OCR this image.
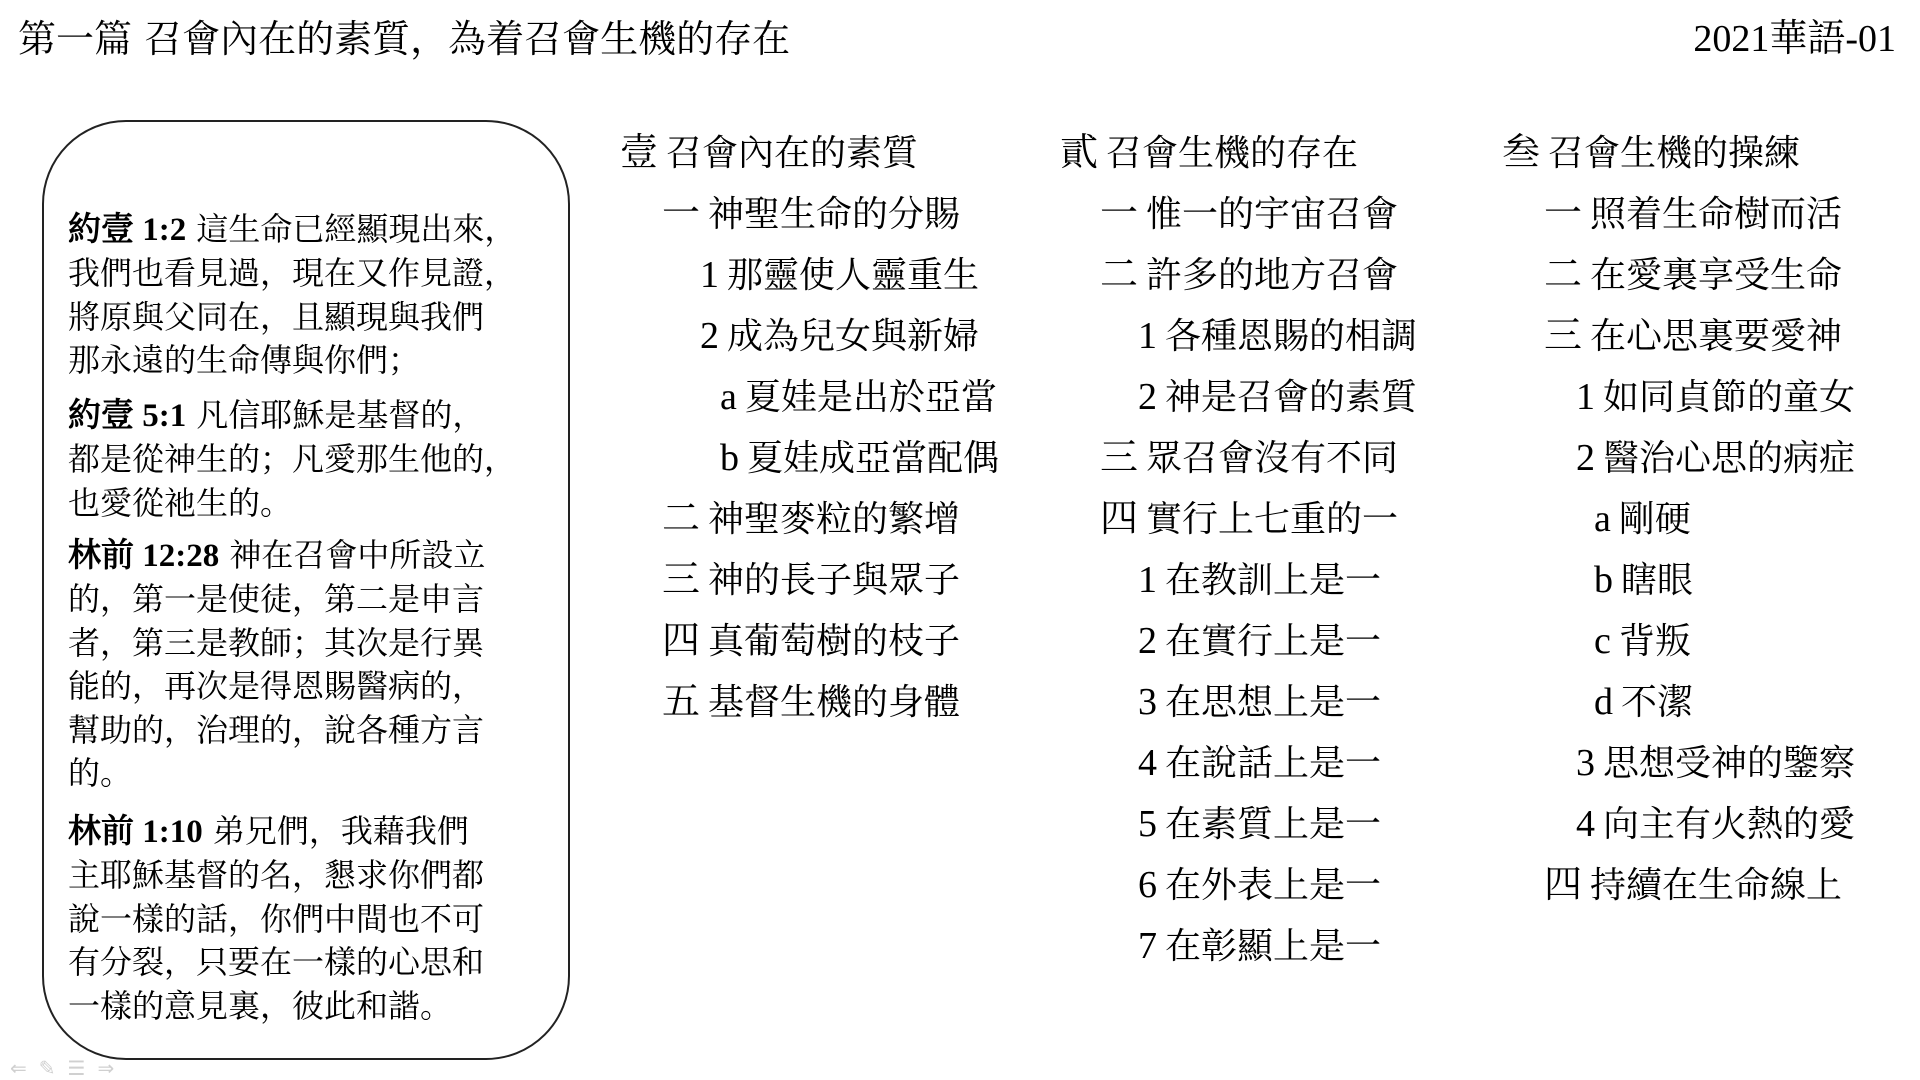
第一篇 召會內在的素質，為着召會生機的存在	2021華語-01

約壹 1:2 這生命已經顯現出來，
我們也看見過，現在又作見證，
將原與父同在，且顯現與我們
那永遠的生命傳與你們；

約壹 5:1 凡信耶穌是基督的，
都是從神生的；凡愛那生他的，
也愛從祂生的。

林前 12:28 神在召會中所設立
的，第一是使徒，第二是申言
者，第三是教師；其次是行異
能的，再次是得恩賜醫病的，
幫助的，治理的，說各種方言
的。

林前 1:10 弟兄們，我藉我們
主耶穌基督的名，懇求你們都
說一樣的話，你們中間也不可
有分裂，只要在一樣的心思和
一樣的意見裏，彼此和諧。

壹 召會內在的素質
一 神聖生命的分賜
1 那靈使人靈重生
2 成為兒女與新婦
a 夏娃是出於亞當
b 夏娃成亞當配偶
二 神聖麥粒的繁增
三 神的長子與眾子
四 真葡萄樹的枝子
五 基督生機的身體
貳 召會生機的存在
一 惟一的宇宙召會
二 許多的地方召會
1 各種恩賜的相調
2 神是召會的素質
三 眾召會沒有不同
四 實行上七重的一
1 在教訓上是一
2 在實行上是一
3 在思想上是一
4 在說話上是一
5 在素質上是一
6 在外表上是一
7 在彰顯上是一
叁 召會生機的操練
一 照着生命樹而活
二 在愛裏享受生命
三 在心思裏要愛神
1 如同貞節的童女
2 醫治心思的病症
a 剛硬
b 瞎眼
c 背叛
d 不潔
3 思想受神的鑒察
4 向主有火熱的愛
四 持續在生命線上
⇐ ✎ ☰ ⇒
